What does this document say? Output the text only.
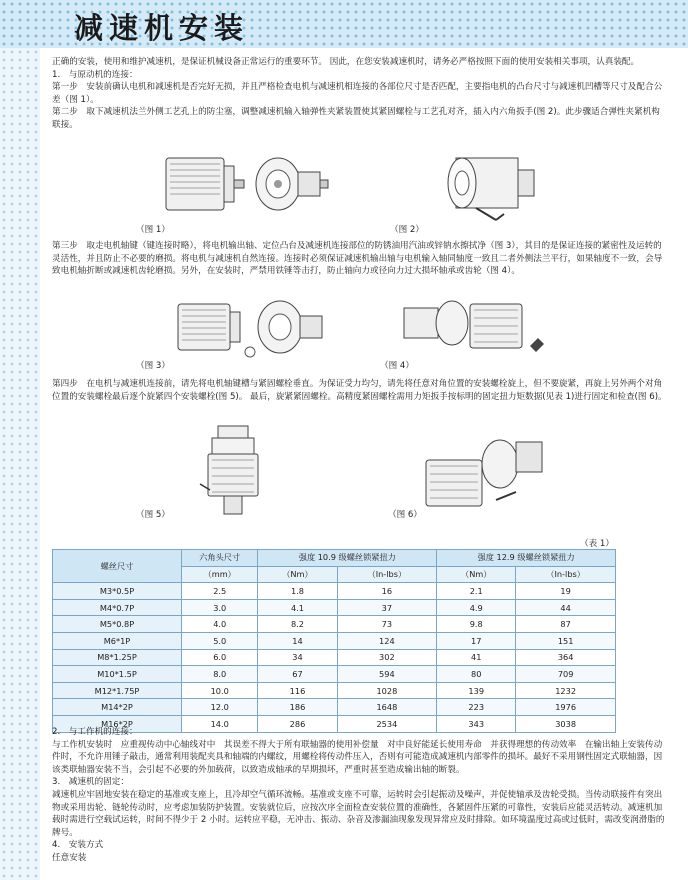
减速机安装

正确的安装，使用和维护减速机，是保证机械设备正常运行的重要环节。 因此，在您安装减速机时，请务必严格按照下面的使用安装相关事项，认真装配。

1.　与原动机的连接：

第一步　安装前确认电机和减速机是否完好无损，并且严格检查电机与减速机相连接的各部位尺寸是否匹配，主要指电机的凸台尺寸与减速机凹槽等尺寸及配合公差（图 1）。

第二步　取下减速机法兰外侧工艺孔上的防尘塞，调整减速机输入轴弹性夹紧装置使其紧固螺栓与工艺孔对齐，插入内六角扳手(图 2)。此步骤适合弹性夹紧机构联接。

（图 1）	（图 2）

第三步　取走电机轴键（键连接时略），将电机输出轴、定位凸台及减速机连接部位的防锈油用汽油或锌钠水擦拭净（图 3），其目的是保证连接的紧密性及运转的灵活性，并且防止不必要的磨损。将电机与减速机自然连接。连接时必须保证减速机输出轴与电机输入轴同轴度一致且二者外侧法兰平行，如果轴度不一致，会导致电机轴折断或减速机齿轮磨损。另外，在安装时，严禁用铁锤等击打，防止轴向力或径向力过大损坏轴承或齿轮（图 4）。

（图 3）	（图 4）

第四步　在电机与减速机连接前，请先将电机轴键槽与紧固螺栓垂直。为保证受力均匀，请先将任意对角位置的安装螺栓旋上，但不要旋紧，再旋上另外两个对角位置的安装螺栓最后逐个旋紧四个安装螺栓(图 5)。 最后，旋紧紧固螺栓。高精度紧固螺栓需用力矩扳手按标明的固定扭力矩数据(见表 1)进行固定和检查(图 6)。

（图 5）	（图 6）
（表 1）
螺丝尺寸	六角头尺寸	强度 10.9 级螺丝锁紧扭力		强度 12.9 级螺丝锁紧扭力	
	（mm）	（Nm）	（In-lbs）	（Nm）	（In-lbs）
M3*0.5P	2.5	1.8	16	2.1	19
M4*0.7P	3.0	4.1	37	4.9	44
M5*0.8P	4.0	8.2	73	9.8	87
M6*1P	5.0	14	124	17	151
M8*1.25P	6.0	34	302	41	364
M10*1.5P	8.0	67	594	80	709
M12*1.75P	10.0	116	1028	139	1232
M14*2P	12.0	186	1648	223	1976
M16*2P	14.0	286	2534	343	3038

2.　与工作机的连接：

与工作机安装时　应重视传动中心轴线对中　其误差不得大于所有联轴器的使用补偿量　对中良好能延长使用寿命　并获得理想的传动效率　在输出轴上安装传动件时，不允许用锤子敲击，通常利用装配夹具和轴端的内螺纹，用螺栓将传动件压入，否则有可能造成减速机内部零件的损坏。最好不采用钢性固定式联轴器，因该类联轴器安装不当，会引起不必要的外加载荷，以致造成轴承的早期损坏，严重时甚至造成输出轴的断裂。

3.　减速机的固定：

减速机应牢固地安装在稳定的基准或支座上，且冷却空气循环流畅。基准或支座不可靠，运转时会引起振动及噪声，并促使轴承及齿轮受损。当传动联接件有突出物或采用齿轮、链轮传动时，应考虑加装防护装置。安装就位后，应按次序全面检查安装位置的准确性，各紧固件压紧的可靠性，安装后应能灵活转动。减速机加载时需进行空载试运转，时间不得少于 2 小时。运转应平稳，无冲击、振动、杂音及渗漏油现象发现异常应及时排除。如环境温度过高或过低时，需改变润滑脂的牌号。

4.　安装方式

任意安装
